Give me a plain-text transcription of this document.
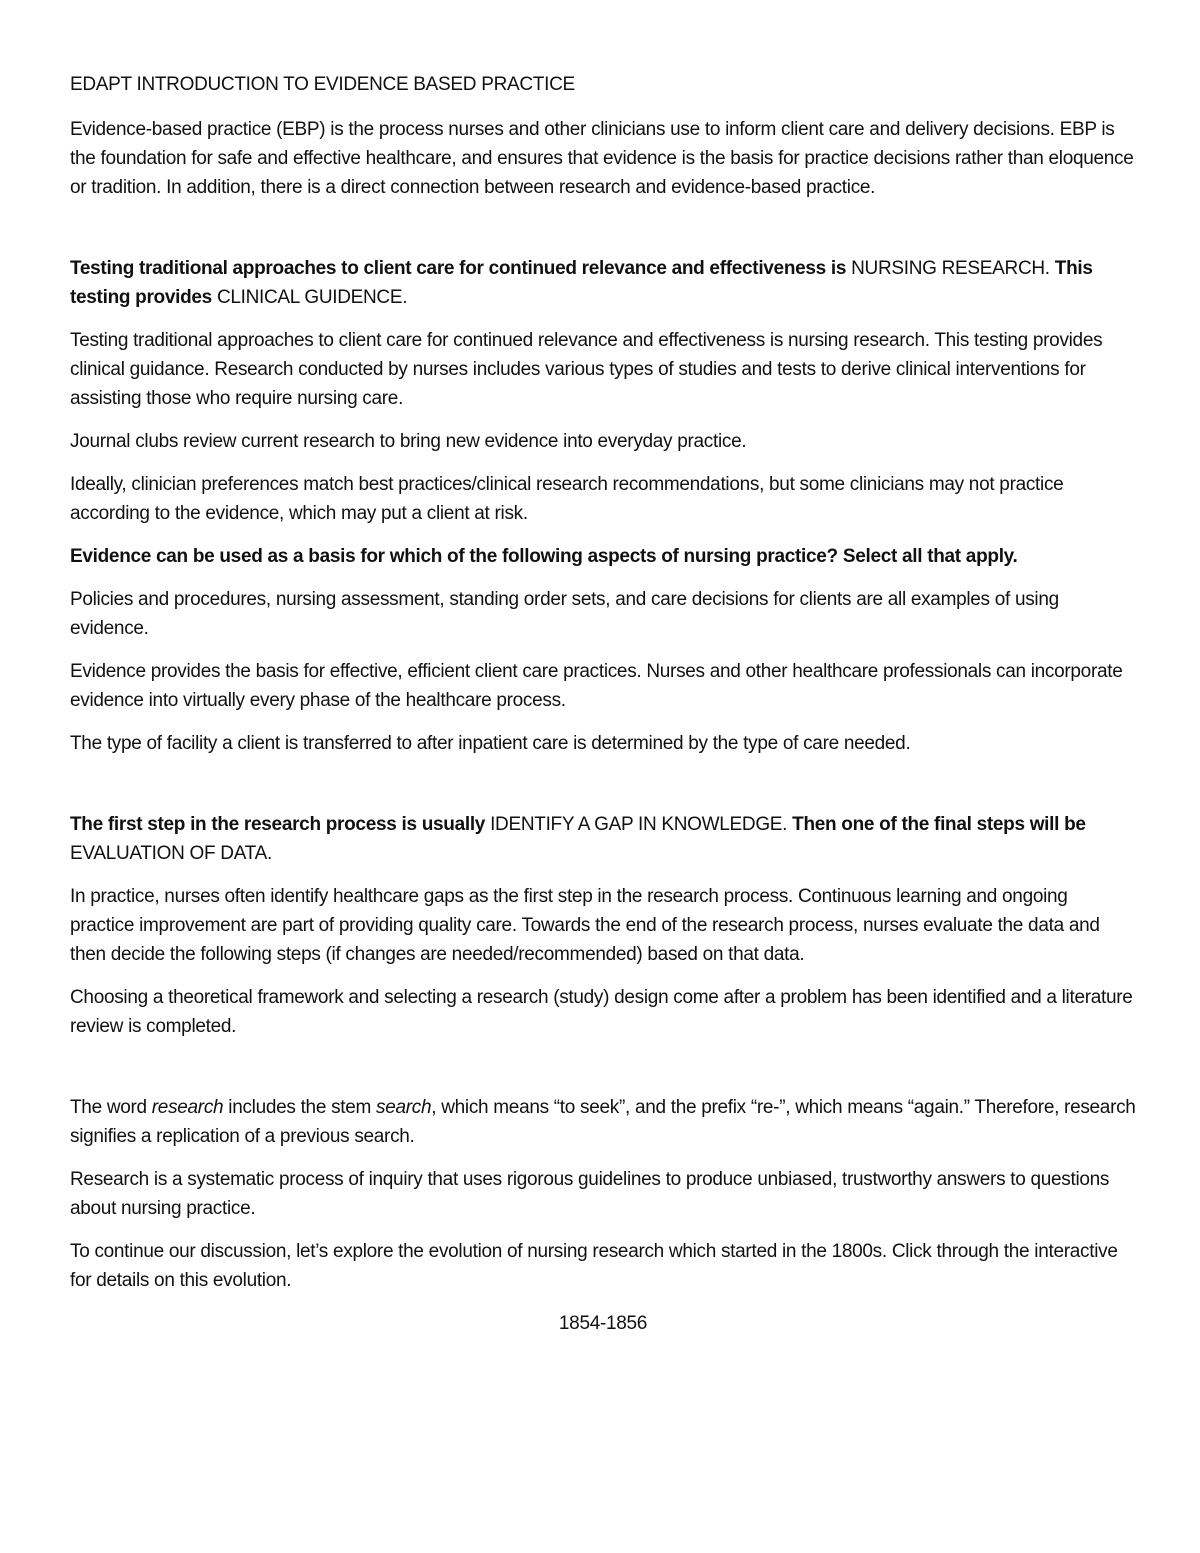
EDAPT INTRODUCTION TO EVIDENCE BASED PRACTICE

Evidence-based practice (EBP) is the process nurses and other clinicians use to inform client care and delivery decisions. EBP is the foundation for safe and effective healthcare, and ensures that evidence is the basis for practice decisions rather than eloquence or tradition. In addition, there is a direct connection between research and evidence-based practice.

Testing traditional approaches to client care for continued relevance and effectiveness is NURSING RESEARCH. This testing provides CLINICAL GUIDENCE.

Testing traditional approaches to client care for continued relevance and effectiveness is nursing research. This testing provides clinical guidance. Research conducted by nurses includes various types of studies and tests to derive clinical interventions for assisting those who require nursing care.

Journal clubs review current research to bring new evidence into everyday practice.

Ideally, clinician preferences match best practices/clinical research recommendations, but some clinicians may not practice according to the evidence, which may put a client at risk.

Evidence can be used as a basis for which of the following aspects of nursing practice? Select all that apply.

Policies and procedures, nursing assessment, standing order sets, and care decisions for clients are all examples of using evidence.

Evidence provides the basis for effective, efficient client care practices. Nurses and other healthcare professionals can incorporate evidence into virtually every phase of the healthcare process.

The type of facility a client is transferred to after inpatient care is determined by the type of care needed.

The first step in the research process is usually IDENTIFY A GAP IN KNOWLEDGE. Then one of the final steps will be EVALUATION OF DATA.

In practice, nurses often identify healthcare gaps as the first step in the research process. Continuous learning and ongoing practice improvement are part of providing quality care. Towards the end of the research process, nurses evaluate the data and then decide the following steps (if changes are needed/recommended) based on that data.

Choosing a theoretical framework and selecting a research (study) design come after a problem has been identified and a literature review is completed.

The word research includes the stem search, which means “to seek”, and the prefix “re-”, which means “again.” Therefore, research signifies a replication of a previous search.

Research is a systematic process of inquiry that uses rigorous guidelines to produce unbiased, trustworthy answers to questions about nursing practice.

To continue our discussion, let’s explore the evolution of nursing research which started in the 1800s. Click through the interactive for details on this evolution.

1854-1856
